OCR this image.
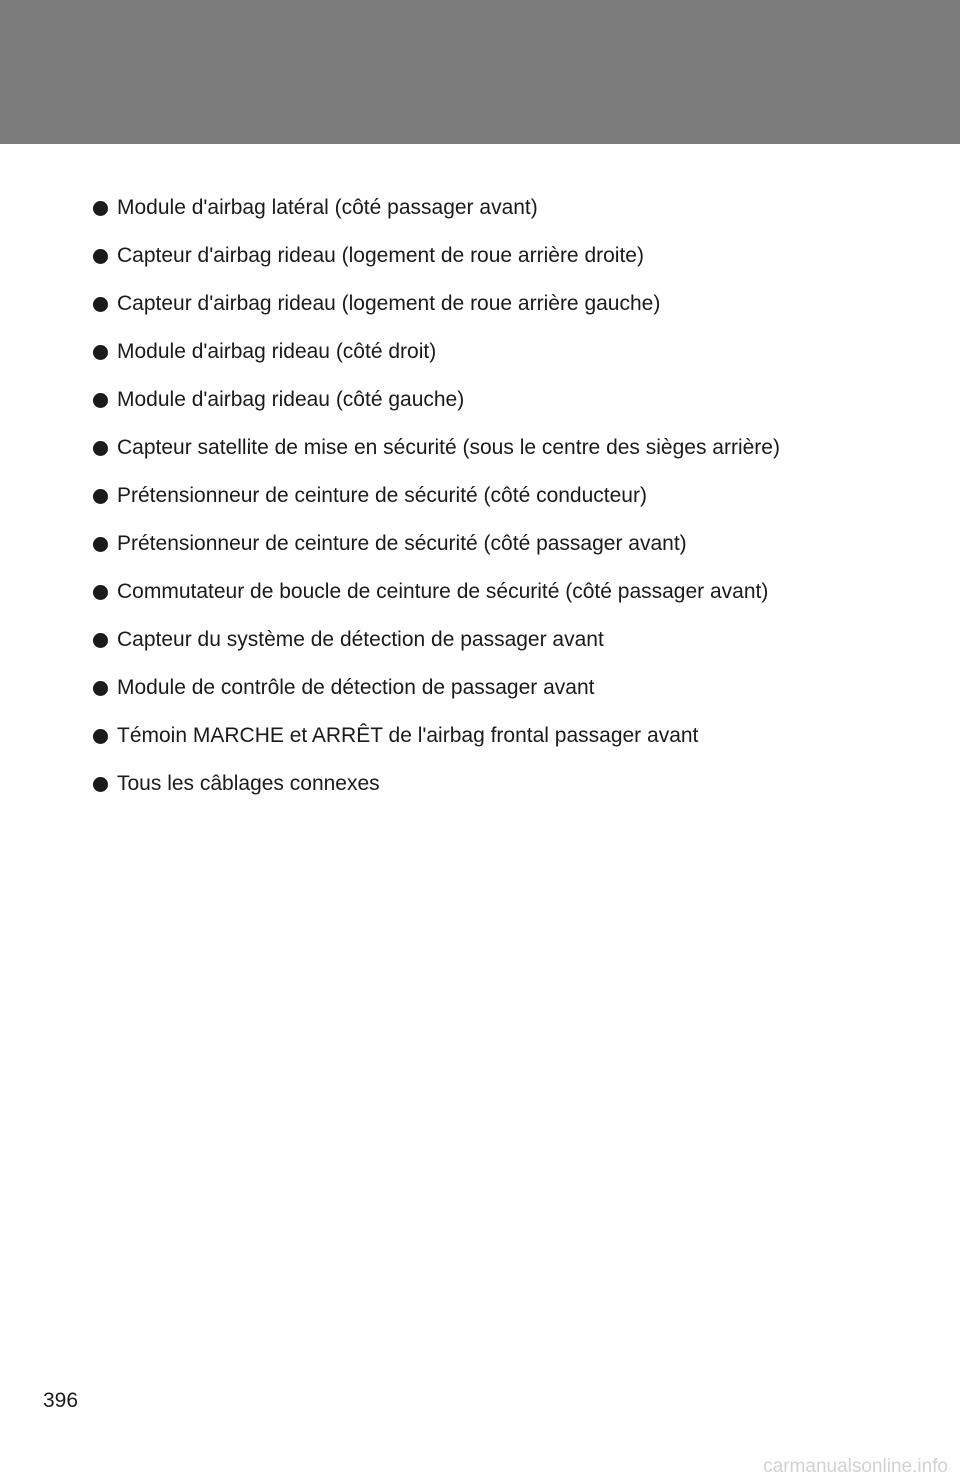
Module d'airbag latéral (côté passager avant)
Capteur d'airbag rideau (logement de roue arrière droite)
Capteur d'airbag rideau (logement de roue arrière gauche)
Module d'airbag rideau (côté droit)
Module d'airbag rideau (côté gauche)
Capteur satellite de mise en sécurité (sous le centre des sièges arrière)
Prétensionneur de ceinture de sécurité (côté conducteur)
Prétensionneur de ceinture de sécurité (côté passager avant)
Commutateur de boucle de ceinture de sécurité (côté passager avant)
Capteur du système de détection de passager avant
Module de contrôle de détection de passager avant
Témoin MARCHE et ARRÊT de l'airbag frontal passager avant
Tous les câblages connexes
396
carmanualsonline.info
